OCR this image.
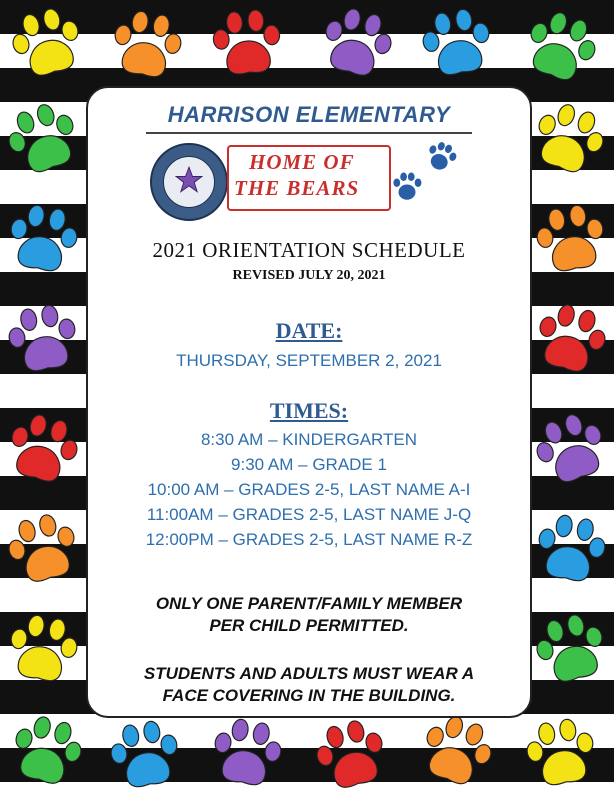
HARRISON ELEMENTARY
HOME OF
THE BEARS
2021 ORIENTATION SCHEDULE
REVISED JULY 20, 2021
DATE:
THURSDAY, SEPTEMBER 2, 2021
TIMES:
8:30 AM – KINDERGARTEN
9:30 AM – GRADE 1
10:00 AM – GRADES 2-5, LAST NAME A-I
11:00AM – GRADES 2-5, LAST NAME J-Q
12:00PM – GRADES 2-5, LAST NAME R-Z
ONLY ONE PARENT/FAMILY MEMBER
PER CHILD PERMITTED.
STUDENTS AND ADULTS MUST WEAR A
FACE COVERING IN THE BUILDING.
©TREND
